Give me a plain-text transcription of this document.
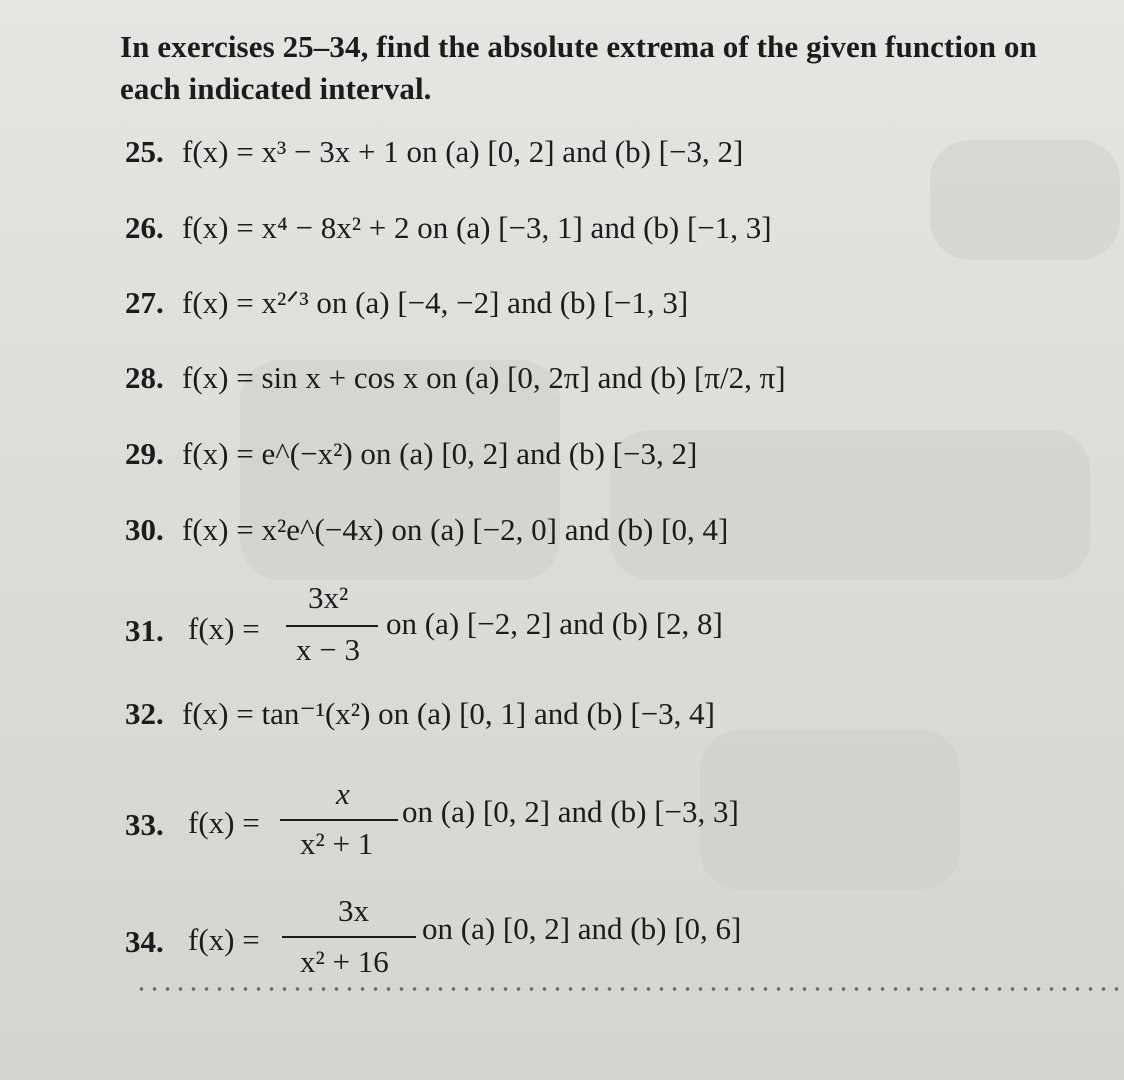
In exercises 25–34, find the absolute extrema of the given function on each indicated interval.
25. f(x) = x³ − 3x + 1 on (a) [0, 2] and (b) [−3, 2]
26. f(x) = x⁴ − 8x² + 2 on (a) [−3, 1] and (b) [−1, 3]
27. f(x) = x²ᐟ³ on (a) [−4, −2] and (b) [−1, 3]
28. f(x) = sin x + cos x on (a) [0, 2π] and (b) [π/2, π]
29. f(x) = e^(−x²) on (a) [0, 2] and (b) [−3, 2]
30. f(x) = x²e^(−4x) on (a) [−2, 0] and (b) [0, 4]
31. f(x) =
3x²
x − 3
on (a) [−2, 2] and (b) [2, 8]
32. f(x) = tan⁻¹(x²) on (a) [0, 1] and (b) [−3, 4]
33. f(x) =
x
x² + 1
on (a) [0, 2] and (b) [−3, 3]
34. f(x) =
3x
x² + 16
on (a) [0, 2] and (b) [0, 6]
